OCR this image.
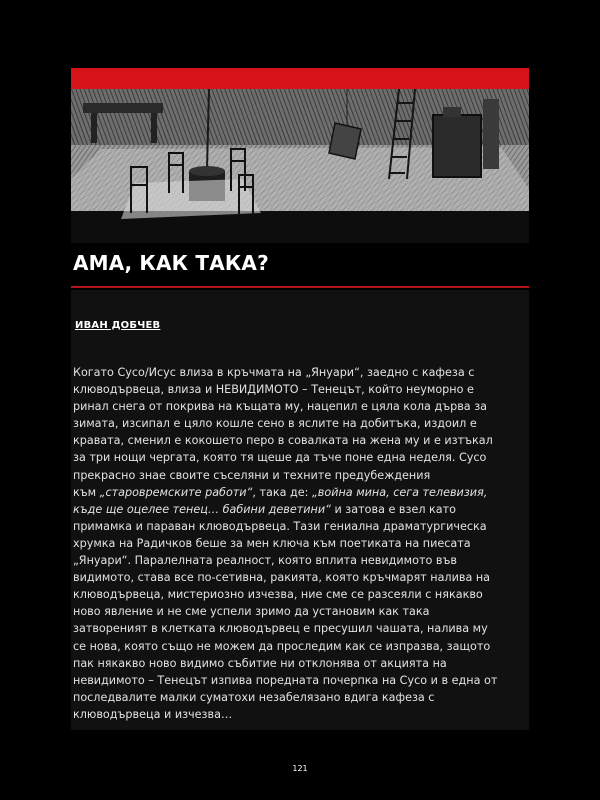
АМА, КАК ТАКА?
ИВАН ДОБЧЕВ
Когато Сусо/Исус влиза в кръчмата на „Януари“, заедно с кафеза с
клюводървеца, влиза и НЕВИДИМОТО – Тенецът, който неуморно е
ринал снега от покрива на къщата му, нацепил е цяла кола дърва за
зимата, изсипал е цяло кошле сено в яслите на добитъка, издоил е
кравата, сменил е кокошето перо в совалката на жена му и е изтъкал
за три нощи чергата, която тя щеше да тъче поне една неделя. Сусо
прекрасно знае своите съселяни и техните предубеждения
към „старовремските работи“, така де: „война мина, сега телевизия,
къде ще оцелее тенец… бабини деветини“ и затова е взел като
примамка и параван клюводървеца. Тази гениална драматургическа
хрумка на Радичков беше за мен ключа към поетиката на пиесата
„Януари“. Паралелната реалност, която вплита невидимото във
видимото, става все по-сетивна, ракията, която кръчмарят налива на
клюводървеца, мистериозно изчезва, ние сме се разсеяли с някакво
ново явление и не сме успели зримо да установим как така
затвореният в клетката клюводървец е пресушил чашата, налива му
се нова, която също не можем да проследим как се изпразва, защото
пак някакво ново видимо събитие ни отклонява от акцията на
невидимото – Тенецът изпива поредната почерпка на Сусо и в една от
последвалите малки суматохи незабелязано вдига кафеза с
клюводървеца и изчезва…
121
